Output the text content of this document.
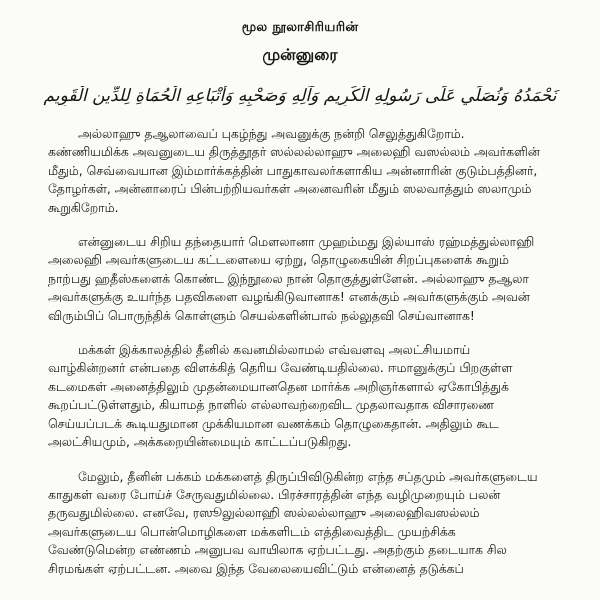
மூல நூலாசிரியரின்
முன்னுரை
نَحْمَدُهُ وَنُصَلِّي عَلَى رَسُولِهِ الْكَرِيمِ وَآلِهِ وَصَحْبِهِ وَأَتْبَاعِهِ الْحُمَاةِ لِلدِّينِ الْقَوِيمِ

அல்லாஹு தஆலாவைப் புகழ்ந்து அவனுக்கு நன்றி செலுத்துகிறோம்.
கண்ணியமிக்க அவனுடைய திருத்தூதர் ஸல்லல்லாஹு அலைஹி வஸல்லம் அவர்களின்
மீதும், செவ்வையான இம்மார்க்கத்தின் பாதுகாவலர்களாகிய அன்னாரின் குடும்பத்தினர்,
தோழர்கள், அன்னாரைப் பின்பற்றியவர்கள் அனைவரின் மீதும் ஸலவாத்தும் ஸலாமும்
கூறுகிறோம்.

என்னுடைய சிறிய தந்தையார் மௌலானா முஹம்மது இல்யாஸ் ரஹ்மத்துல்லாஹி
அலைஹி அவர்களுடைய கட்டளையை ஏற்று, தொழுகையின் சிறப்புகளைக் கூறும்
நாற்பது ஹதீஸ்களைக் கொண்ட இந்நூலை நான் தொகுத்துள்ளேன். அல்லாஹு தஆலா
அவர்களுக்கு உயர்ந்த பதவிகளை வழங்கிடுவானாக! எனக்கும் அவர்களுக்கும் அவன்
விரும்பிப் பொருந்திக் கொள்ளும் செயல்களின்பால் நல்லுதவி செய்வானாக!

மக்கள் இக்காலத்தில் தீனில் கவனமில்லாமல் எவ்வளவு அலட்சியமாய்
வாழ்கின்றனர் என்பதை விளக்கித் தெரிய வேண்டியதில்லை. ஈமானுக்குப் பிறகுள்ள
கடமைகள் அனைத்திலும் முதன்மையானதென மார்க்க அறிஞர்களால் ஏகோபித்துக்
கூறப்பட்டுள்ளதும், கியாமத் நாளில் எல்லாவற்றைவிட முதலாவதாக விசாரணை
செய்யப்படக் கூடியதுமான முக்கியமான வணக்கம் தொழுகைதான். அதிலும் கூட
அலட்சியமும், அக்கறையின்மையும் காட்டப்படுகிறது.

மேலும், தீனின் பக்கம் மக்களைத் திருப்பிவிடுகின்ற எந்த சப்தமும் அவர்களுடைய
காதுகள் வரை போய்ச் சேருவதுமில்லை. பிரச்சாரத்தின் எந்த வழிமுறையும் பலன்
தருவதுமில்லை. எனவே, ரஸூலுல்லாஹி ஸல்லல்லாஹு அலைஹிவஸல்லம்
அவர்களுடைய பொன்மொழிகளை மக்களிடம் எத்திவைத்திட முயற்சிக்க
வேண்டுமென்ற எண்ணம் அனுபவ வாயிலாக ஏற்பட்டது. அதற்கும் தடையாக சில
சிரமங்கள் ஏற்பட்டன. அவை இந்த வேலையைவிட்டும் என்னைத் தடுக்கப்
